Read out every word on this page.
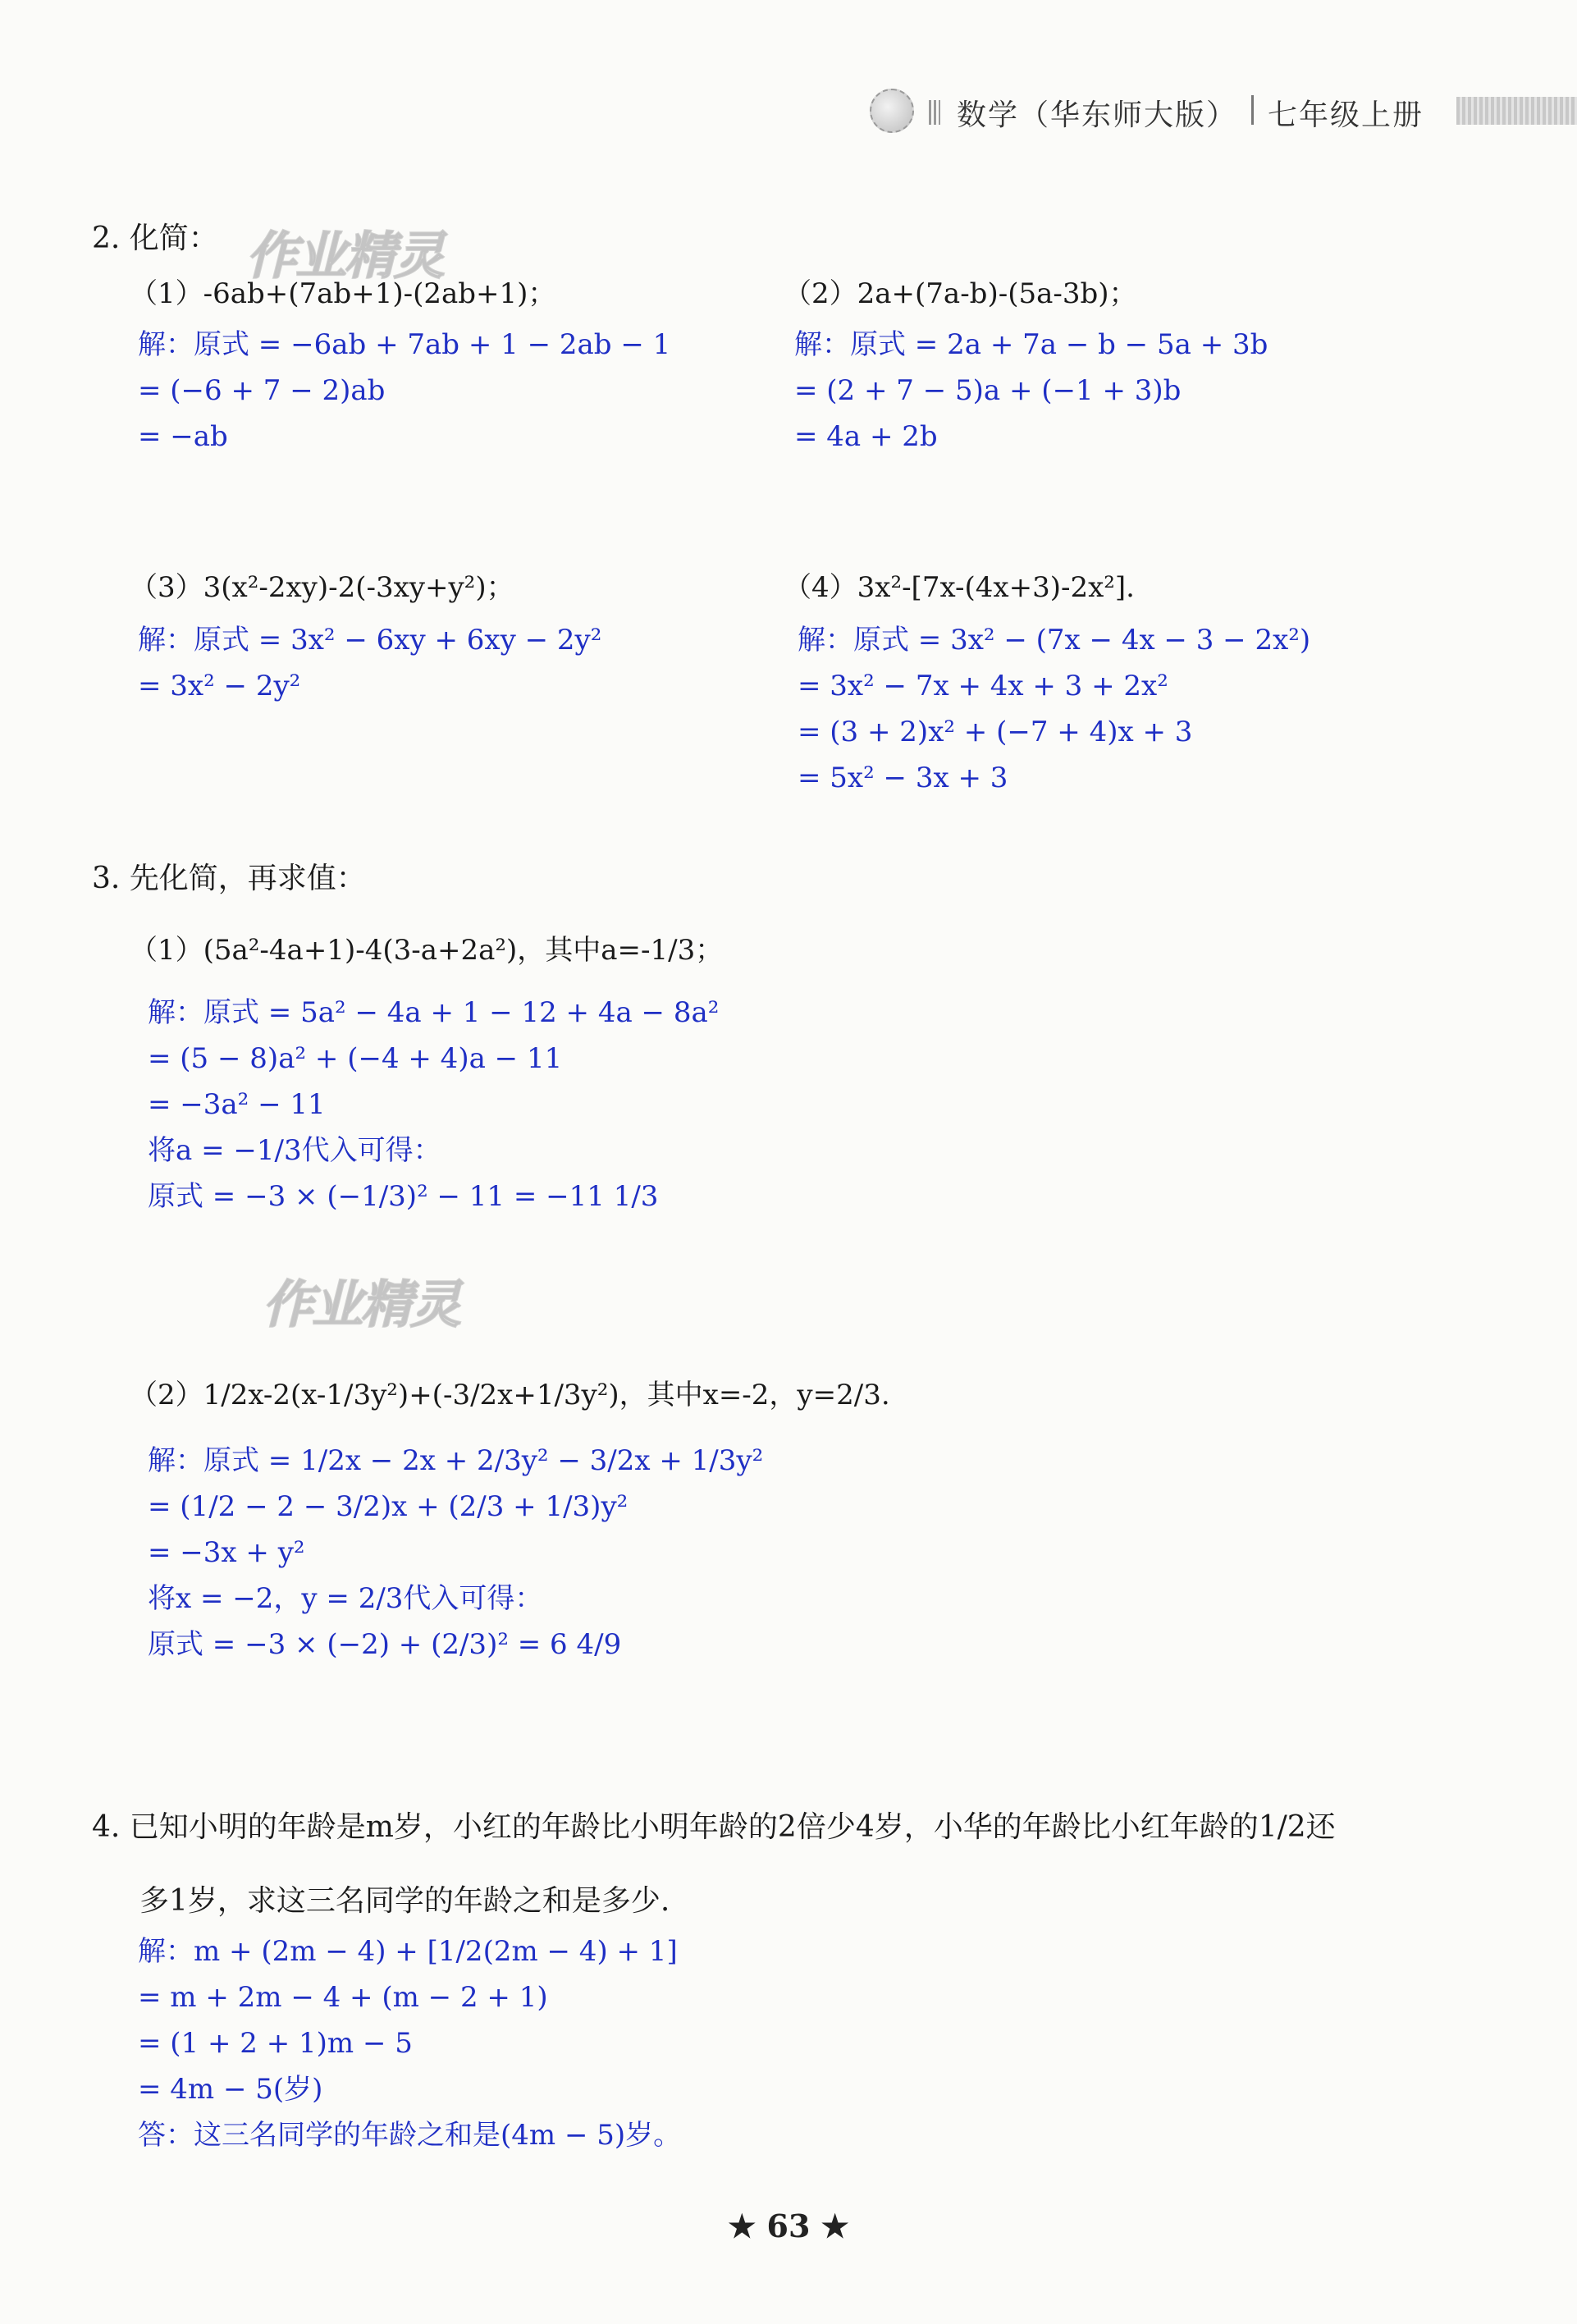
数学（华东师大版） 七年级上册
作业精灵
作业精灵
2. 化简：
（1）-6ab+(7ab+1)-(2ab+1)；
解：原式 = −6ab + 7ab + 1 − 2ab − 1
= (−6 + 7 − 2)ab
= −ab
（2）2a+(7a-b)-(5a-3b)；
解：原式 = 2a + 7a − b − 5a + 3b
= (2 + 7 − 5)a + (−1 + 3)b
= 4a + 2b
（3）3(x²-2xy)-2(-3xy+y²)；
解：原式 = 3x² − 6xy + 6xy − 2y²
= 3x² − 2y²
（4）3x²-[7x-(4x+3)-2x²].
解：原式 = 3x² − (7x − 4x − 3 − 2x²)
= 3x² − 7x + 4x + 3 + 2x²
= (3 + 2)x² + (−7 + 4)x + 3
= 5x² − 3x + 3
3. 先化简，再求值：
（1）(5a²-4a+1)-4(3-a+2a²)，其中a=-1/3；
解：原式 = 5a² − 4a + 1 − 12 + 4a − 8a²
= (5 − 8)a² + (−4 + 4)a − 11
= −3a² − 11
将a = −1/3代入可得：
原式 = −3 × (−1/3)² − 11 = −11 1/3
（2）1/2x-2(x-1/3y²)+(-3/2x+1/3y²)，其中x=-2，y=2/3.
解：原式 = 1/2x − 2x + 2/3y² − 3/2x + 1/3y²
= (1/2 − 2 − 3/2)x + (2/3 + 1/3)y²
= −3x + y²
将x = −2，y = 2/3代入可得：
原式 = −3 × (−2) + (2/3)² = 6 4/9
4. 已知小明的年龄是m岁，小红的年龄比小明年龄的2倍少4岁，小华的年龄比小红年龄的1/2还
多1岁，求这三名同学的年龄之和是多少.
解：m + (2m − 4) + [1/2(2m − 4) + 1]
= m + 2m − 4 + (m − 2 + 1)
= (1 + 2 + 1)m − 5
= 4m − 5(岁)
答：这三名同学的年龄之和是(4m − 5)岁。
★ 63 ★
